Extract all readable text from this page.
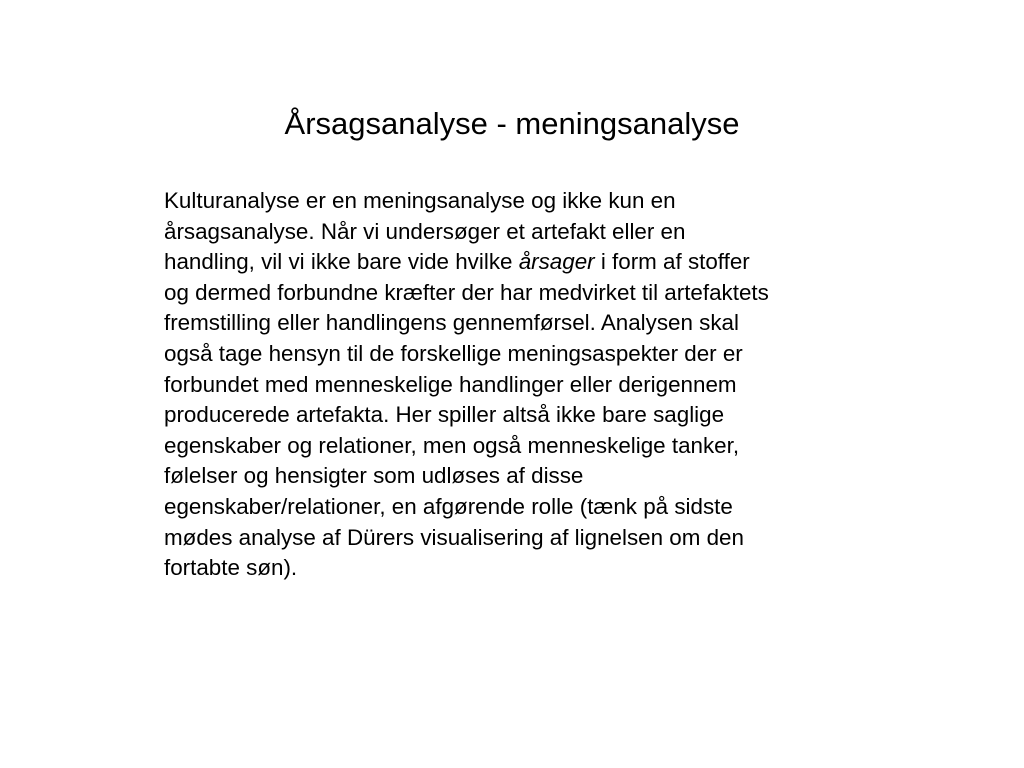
Årsagsanalyse - meningsanalyse
Kulturanalyse er en meningsanalyse og ikke kun en
årsagsanalyse. Når vi undersøger et artefakt eller en
handling, vil vi ikke bare vide hvilke årsager i form af stoffer
og dermed forbundne kræfter der har medvirket til artefaktets
fremstilling eller handlingens gennemførsel. Analysen skal
også tage hensyn til de forskellige meningsaspekter der er
forbundet med menneskelige handlinger eller derigennem
producerede artefakta. Her spiller altså ikke bare saglige
egenskaber og relationer, men også menneskelige tanker,
følelser og hensigter som udløses af disse
egenskaber/relationer, en afgørende rolle (tænk på sidste
mødes analyse af Dürers visualisering af lignelsen om den
fortabte søn).
